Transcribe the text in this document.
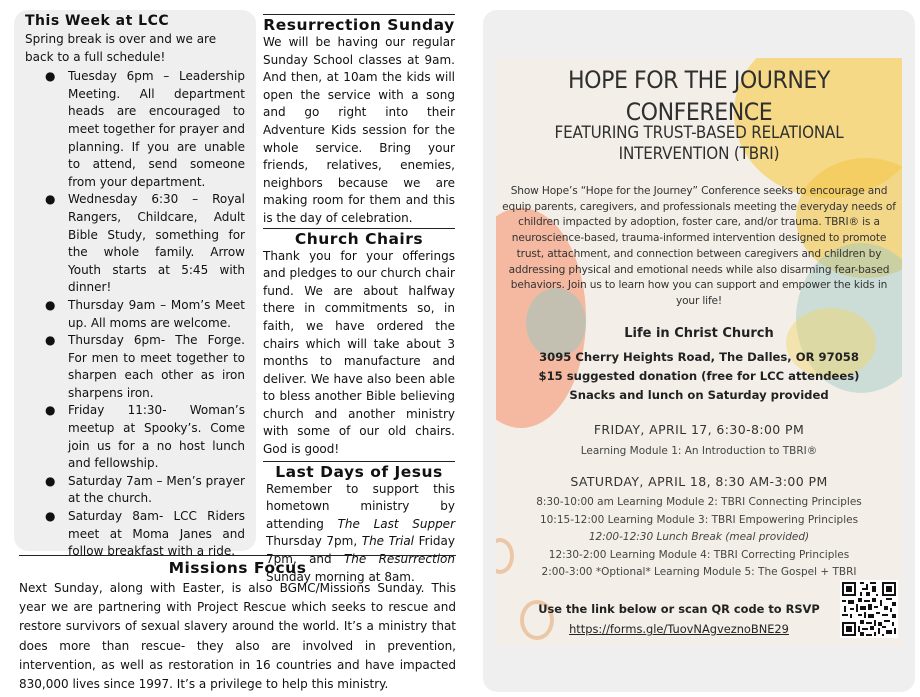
This Week at LCC
Spring break is over and we are back to a full schedule!
● Tuesday 6pm – Leadership Meeting. All department heads are encouraged to meet together for prayer and planning. If you are unable to attend, send someone from your department.
● Wednesday 6:30 – Royal Rangers, Childcare, Adult Bible Study, something for the whole family. Arrow Youth starts at 5:45 with dinner!
● Thursday 9am – Mom’s Meet up. All moms are welcome.
● Thursday 6pm- The Forge. For men to meet together to sharpen each other as iron sharpens iron.
● Friday 11:30- Woman’s meetup at Spooky’s. Come join us for a no host lunch and fellowship.
● Saturday 7am – Men’s prayer at the church.
● Saturday 8am- LCC Riders meet at Moma Janes and follow breakfast with a ride.
Resurrection Sunday
We will be having our regular Sunday School classes at 9am. And then, at 10am the kids will open the service with a song and go right into their Adventure Kids session for the whole service. Bring your friends, relatives, enemies, neighbors because we are making room for them and this is the day of celebration.
Church Chairs
Thank you for your offerings and pledges to our church chair fund. We are about halfway there in commitments so, in faith, we have ordered the chairs which will take about 3 months to manufacture and deliver. We have also been able to bless another Bible believing church and another ministry with some of our old chairs. God is good!
Last Days of Jesus
Remember to support this hometown ministry by attending The Last Supper Thursday 7pm, The Trial Friday 7pm, and The Resurrection Sunday morning at 8am.
Missions Focus
Next Sunday, along with Easter, is also BGMC/Missions Sunday. This year we are partnering with Project Rescue which seeks to rescue and restore survivors of sexual slavery around the world. It’s a ministry that does more than rescue- they also are involved in prevention, intervention, as well as restoration in 16 countries and have impacted 830,000 lives since 1997. It’s a privilege to help this ministry.
HOPE FOR THE JOURNEY
CONFERENCE
FEATURING TRUST-BASED RELATIONAL
INTERVENTION (TBRI)
Show Hope’s “Hope for the Journey” Conference seeks to encourage and equip parents, caregivers, and professionals meeting the everyday needs of children impacted by adoption, foster care, and/or trauma. TBRI® is a neuroscience-based, trauma-informed intervention designed to promote trust, attachment, and connection between caregivers and children by addressing physical and emotional needs while also disarming fear-based behaviors. Join us to learn how you can support and empower the kids in your life!
Life in Christ Church
3095 Cherry Heights Road, The Dalles, OR 97058
$15 suggested donation (free for LCC attendees)
Snacks and lunch on Saturday provided
FRIDAY, APRIL 17, 6:30-8:00 PM
Learning Module 1: An Introduction to TBRI®
SATURDAY, APRIL 18, 8:30 AM-3:00 PM
8:30-10:00 am Learning Module 2: TBRI Connecting Principles
10:15-12:00 Learning Module 3: TBRI Empowering Principles
12:00-12:30 Lunch Break (meal provided)
12:30-2:00 Learning Module 4: TBRI Correcting Principles
2:00-3:00 *Optional* Learning Module 5: The Gospel + TBRI
Use the link below or scan QR code to RSVP
https://forms.gle/TuovNAgveznoBNE29
